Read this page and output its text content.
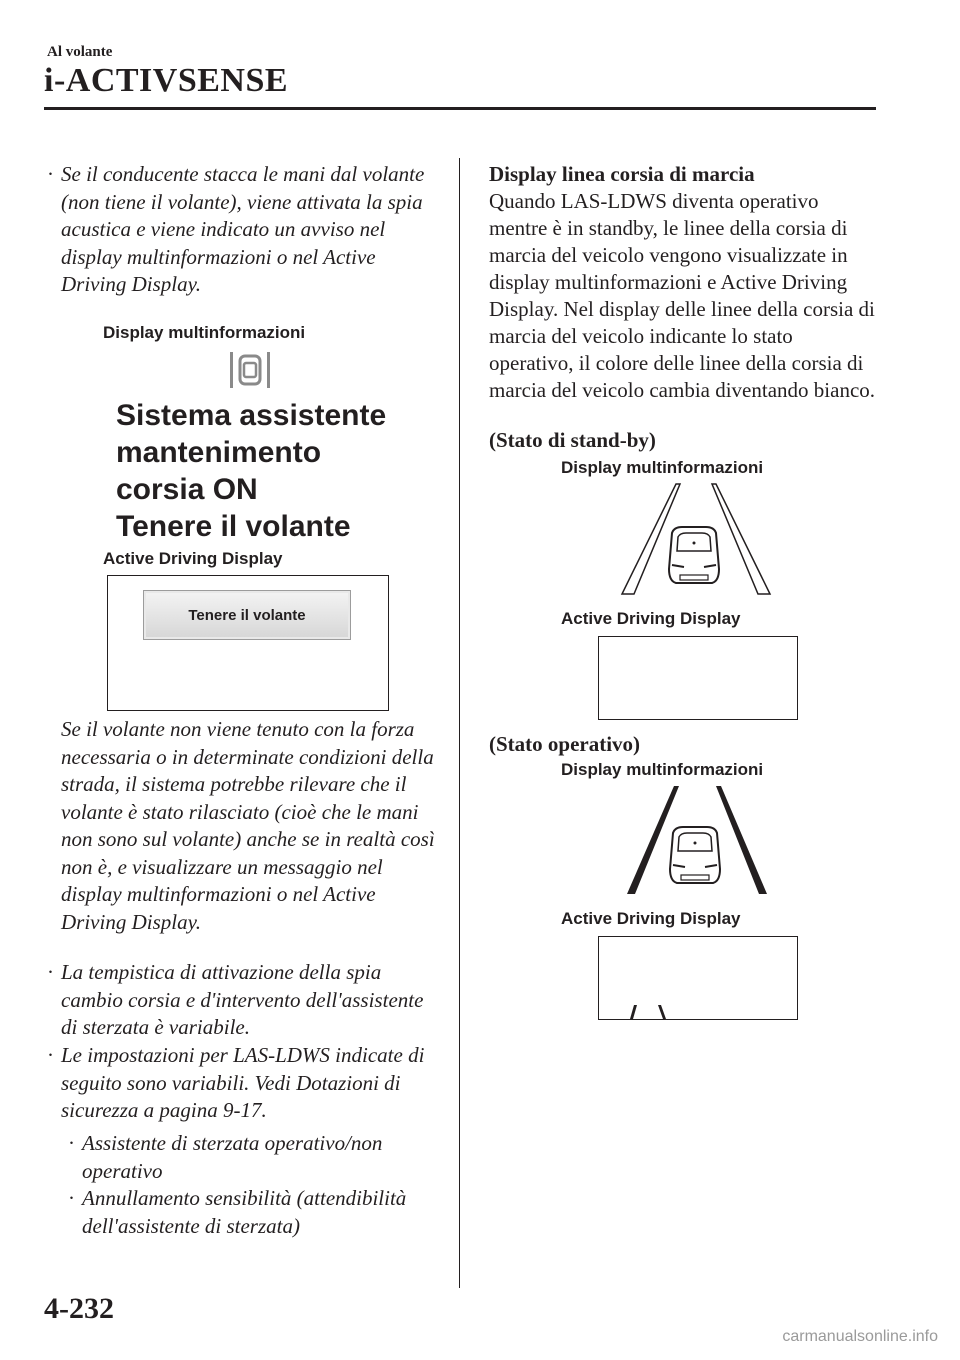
Al volante
i-ACTIVSENSE
· Se il conducente stacca le mani dal volante (non tiene il volante), viene attivata la spia acustica e viene indicato un avviso nel display multinformazioni o nel Active Driving Display.
Display multinformazioni
Sistema assistente
mantenimento
corsia ON
Tenere il volante
Active Driving Display
Tenere il volante
Se il volante non viene tenuto con la forza necessaria o in determinate condizioni della strada, il sistema potrebbe rilevare che il volante è stato rilasciato (cioè che le mani non sono sul volante) anche se in realtà così non è, e visualizzare un messaggio nel display multinformazioni o nel Active Driving Display.
· La tempistica di attivazione della spia cambio corsia e d'intervento dell'assistente di sterzata è variabile.
· Le impostazioni per LAS-LDWS indicate di seguito sono variabili. Vedi Dotazioni di sicurezza a pagina 9-17.
· Assistente di sterzata operativo/non operativo
· Annullamento sensibilità (attendibilità dell'assistente di sterzata)
Display linea corsia di marcia
Quando LAS-LDWS diventa operativo mentre è in standby, le linee della corsia di marcia del veicolo vengono visualizzate in display multinformazioni e Active Driving Display. Nel display delle linee della corsia di marcia del veicolo indicante lo stato operativo, il colore delle linee della corsia di marcia del veicolo cambia diventando bianco.
(Stato di stand-by)
Display multinformazioni
Active Driving Display
(Stato operativo)
Display multinformazioni
Active Driving Display
4-232
carmanualsonline.info
